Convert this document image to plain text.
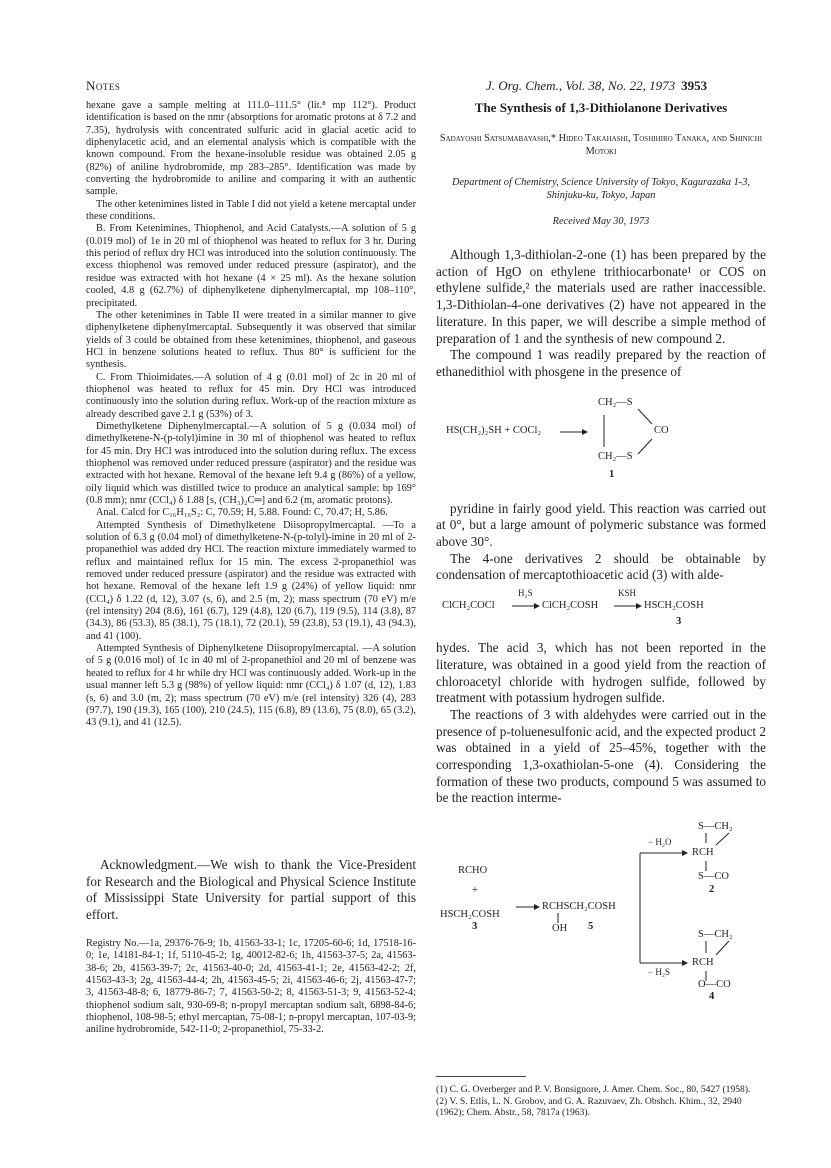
Notes	J. Org. Chem., Vol. 38, No. 22, 1973 3953

hexane gave a sample melting at 111.0–111.5° (lit.⁸ mp 112°). Product identification is based on the nmr (absorptions for aromatic protons at δ 7.2 and 7.35), hydrolysis with concentrated sulfuric acid in glacial acetic acid to diphenylacetic acid, and an elemental analysis which is compatible with the known compound. From the hexane-insoluble residue was obtained 2.05 g (82%) of aniline hydrobromide, mp 283–285°. Identification was made by converting the hydrobromide to aniline and comparing it with an authentic sample.

The other ketenimines listed in Table I did not yield a ketene mercaptal under these conditions.

B. From Ketenimines, Thiophenol, and Acid Catalysts.—A solution of 5 g (0.019 mol) of 1e in 20 ml of thiophenol was heated to reflux for 3 hr. During this period of reflux dry HCl was introduced into the solution continuously. The excess thiophenol was removed under reduced pressure (aspirator), and the residue was extracted with hot hexane (4 × 25 ml). As the hexane solution cooled, 4.8 g (62.7%) of diphenylketene diphenylmercaptal, mp 108–110°, precipitated.

The other ketenimines in Table II were treated in a similar manner to give diphenylketene diphenylmercaptal. Subsequently it was observed that similar yields of 3 could be obtained from these ketenimines, thiophenol, and gaseous HCl in benzene solutions heated to reflux. Thus 80° is sufficient for the synthesis.

C. From Thioimidates.—A solution of 4 g (0.01 mol) of 2c in 20 ml of thiophenol was heated to reflux for 45 min. Dry HCl was introduced continuously into the solution during reflux. Work-up of the reaction mixture as already described gave 2.1 g (53%) of 3.

Dimethylketene Diphenylmercaptal.—A solution of 5 g (0.034 mol) of dimethylketene-N-(p-tolyl)imine in 30 ml of thiophenol was heated to reflux for 45 min. Dry HCl was introduced into the solution during reflux. The excess thiophenol was removed under reduced pressure (aspirator) and the residue was extracted with hot hexane. Removal of the hexane left 9.4 g (86%) of a yellow, oily liquid which was distilled twice to produce an analytical sample: bp 169° (0.8 mm); nmr (CCl₄) δ 1.88 [s, (CH₃)₂C═] and 6.2 (m, aromatic protons).

Anal. Calcd for C₁₆H₁₆S₂: C, 70.59; H, 5.88. Found: C, 70.47; H, 5.86.

Attempted Synthesis of Dimethylketene Diisopropylmercaptal. —To a solution of 6.3 g (0.04 mol) of dimethylketene-N-(p-tolyl)-imine in 20 ml of 2-propanethiol was added dry HCl. The reaction mixture immediately warmed to reflux and maintained reflux for 15 min. The excess 2-propanethiol was removed under reduced pressure (aspirator) and the residue was extracted with hot hexane. Removal of the hexane left 1.9 g (24%) of yellow liquid: nmr (CCl₄) δ 1.22 (d, 12), 3.07 (s, 6), and 2.5 (m, 2); mass spectrum (70 eV) m/e (rel intensity) 204 (8.6), 161 (6.7), 129 (4.8), 120 (6.7), 119 (9.5), 114 (3.8), 87 (34.3), 86 (53.3), 85 (38.1), 75 (18.1), 72 (20.1), 59 (23.8), 53 (19.1), 43 (94.3), and 41 (100).

Attempted Synthesis of Diphenylketene Diisopropylmercaptal. —A solution of 5 g (0.016 mol) of 1c in 40 ml of 2-propanethiol and 20 ml of benzene was heated to reflux for 4 hr while dry HCl was continuously added. Work-up in the usual manner left 5.3 g (98%) of yellow liquid: nmr (CCl₄) δ 1.07 (d, 12), 1.83 (s, 6) and 3.0 (m, 2); mass spectrum (70 eV) m/e (rel intensity) 326 (4), 283 (97.7), 190 (19.3), 165 (100), 210 (24.5), 115 (6.8), 89 (13.6), 75 (8.0), 65 (3.2), 43 (9.1), and 41 (12.5).

Acknowledgment.—We wish to thank the Vice-President for Research and the Biological and Physical Science Institute of Mississippi State University for partial support of this effort.
Registry No.—1a, 29376-76-9; 1b, 41563-33-1; 1c, 17205-60-6; 1d, 17518-16-0; 1e, 14181-84-1; 1f, 5110-45-2; 1g, 40012-82-6; 1h, 41563-37-5; 2a, 41563-38-6; 2b, 41563-39-7; 2c, 41563-40-0; 2d, 41563-41-1; 2e, 41563-42-2; 2f, 41563-43-3; 2g, 41563-44-4; 2h, 41563-45-5; 2i, 41563-46-6; 2j, 41563-47-7; 3, 41563-48-8; 6, 18779-86-7; 7, 41563-50-2; 8, 41563-51-3; 9, 41563-52-4; thiophenol sodium salt, 930-69-8; n-propyl mercaptan sodium salt, 6898-84-6; thiophenol, 108-98-5; ethyl mercaptan, 75-08-1; n-propyl mercaptan, 107-03-9; aniline hydrobromide, 542-11-0; 2-propanethiol, 75-33-2.
The Synthesis of 1,3-Dithiolanone Derivatives
Sadayoshi Satsumabayashi,* Hideo Takahashi, Toshihiro Tanaka, and Shinichi Motoki
Department of Chemistry, Science University of Tokyo, Kagurazaka 1-3, Shinjuku-ku, Tokyo, Japan
Received May 30, 1973

Although 1,3-dithiolan-2-one (1) has been prepared by the action of HgO on ethylene trithiocarbonate¹ or COS on ethylene sulfide,² the materials used are rather inaccessible. 1,3-Dithiolan-4-one derivatives (2) have not appeared in the literature. In this paper, we will describe a simple method of preparation of 1 and the synthesis of new compound 2.

The compound 1 was readily prepared by the reaction of ethanedithiol with phosgene in the presence of

CH₂—S
HS(CH₂)₂SH + COCl₂	CO
CH₂—S
1

pyridine in fairly good yield. This reaction was carried out at 0°, but a large amount of polymeric substance was formed above 30°.

The 4-one derivatives 2 should be obtainable by condensation of mercaptothioacetic acid (3) with alde-

H₂S	KSH
ClCH₂COCl	ClCH₂COSH	HSCH₂COSH
3

hydes. The acid 3, which has not been reported in the literature, was obtained in a good yield from the reaction of chloroacetyl chloride with hydrogen sulfide, followed by treatment with potassium hydrogen sulfide.

The reactions of 3 with aldehydes were carried out in the presence of p-toluenesulfonic acid, and the expected product 2 was obtained in a yield of 25–45%, together with the corresponding 1,3-oxathiolan-5-one (4). Considering the formation of these two products, compound 5 was assumed to be the reaction interme-

S—CH₂
− H₂O
RCH
S—CO
2
RCHO
RCHSCH₂COSH
+
HSCH₂COSH
OH
3	5
S—CH₂
RCH
− H₂S
O—CO
4
(1) C. G. Overberger and P. V. Bonsignore, J. Amer. Chem. Soc., 80, 5427 (1958).
(2) V. S. Etlis, L. N. Grobov, and G. A. Razuvaev, Zh. Obshch. Khim., 32, 2940 (1962); Chem. Abstr., 58, 7817a (1963).
